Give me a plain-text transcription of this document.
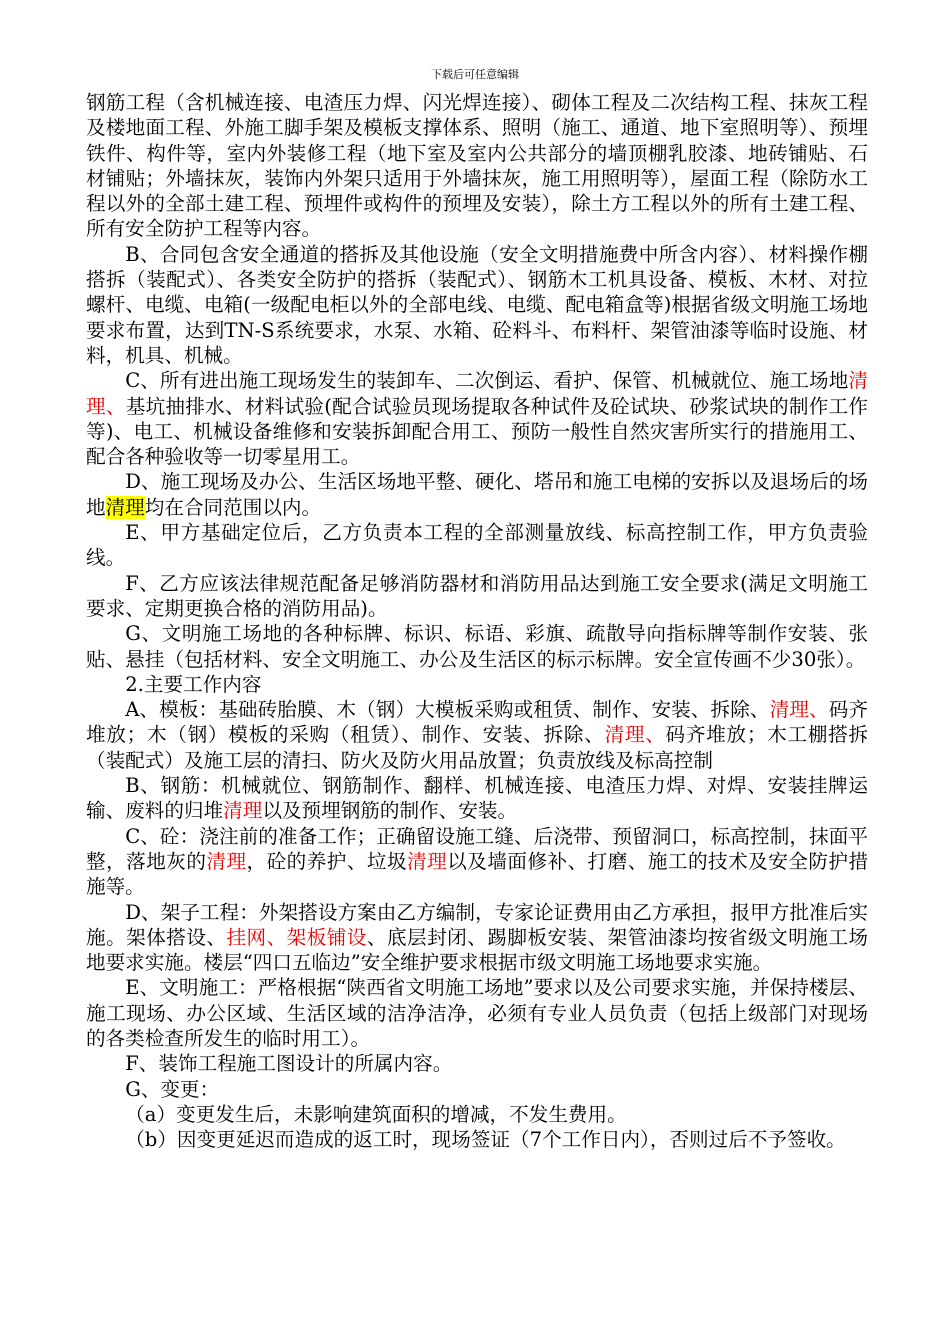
下载后可任意编辑

钢筋工程（含机械连接、电渣压力焊、闪光焊连接）、砌体工程及二次结构工程、抹灰工程及楼地面工程、外施工脚手架及模板支撑体系、照明（施工、通道、地下室照明等）、预埋铁件、构件等，室内外装修工程（地下室及室内公共部分的墙顶棚乳胶漆、地砖铺贴、石材铺贴；外墙抹灰，装饰内外架只适用于外墙抹灰，施工用照明等），屋面工程（除防水工程以外的全部土建工程、预埋件或构件的预埋及安装），除土方工程以外的所有土建工程、所有安全防护工程等内容。

B、合同包含安全通道的搭拆及其他设施（安全文明措施费中所含内容）、材料操作棚搭拆（装配式）、各类安全防护的搭拆（装配式）、钢筋木工机具设备、模板、木材、对拉螺杆、电缆、电箱(一级配电柜以外的全部电线、电缆、配电箱盒等)根据省级文明施工场地要求布置，达到TN-S系统要求，水泵、水箱、砼料斗、布料杆、架管油漆等临时设施、材料，机具、机械。

C、所有进出施工现场发生的装卸车、二次倒运、看护、保管、机械就位、施工场地清理、基坑抽排水、材料试验(配合试验员现场提取各种试件及砼试块、砂浆试块的制作工作等)、电工、机械设备维修和安装拆卸配合用工、预防一般性自然灾害所实行的措施用工、配合各种验收等一切零星用工。

D、施工现场及办公、生活区场地平整、硬化、塔吊和施工电梯的安拆以及退场后的场地清理均在合同范围以内。

E、甲方基础定位后，乙方负责本工程的全部测量放线、标高控制工作，甲方负责验线。

F、乙方应该法律规范配备足够消防器材和消防用品达到施工安全要求(满足文明施工要求、定期更换合格的消防用品)。

G、文明施工场地的各种标牌、标识、标语、彩旗、疏散导向指标牌等制作安装、张贴、悬挂（包括材料、安全文明施工、办公及生活区的标示标牌。安全宣传画不少30张）。

2.主要工作内容

A、模板：基础砖胎膜、木（钢）大模板采购或租赁、制作、安装、拆除、清理、码齐堆放；木（钢）模板的采购（租赁）、制作、安装、拆除、清理、码齐堆放；木工棚搭拆（装配式）及施工层的清扫、防火及防火用品放置；负责放线及标高控制

B、钢筋：机械就位、钢筋制作、翻样、机械连接、电渣压力焊、对焊、安装挂牌运输、废料的归堆清理以及预埋钢筋的制作、安装。

C、砼：浇注前的准备工作；正确留设施工缝、后浇带、预留洞口，标高控制，抹面平整，落地灰的清理，砼的养护、垃圾清理以及墙面修补、打磨、施工的技术及安全防护措施等。

D、架子工程：外架搭设方案由乙方编制，专家论证费用由乙方承担，报甲方批准后实施。架体搭设、挂网、架板铺设、底层封闭、踢脚板安装、架管油漆均按省级文明施工场地要求实施。楼层“四口五临边”安全维护要求根据市级文明施工场地要求实施。

E、文明施工：严格根据“陕西省文明施工场地”要求以及公司要求实施，并保持楼层、施工现场、办公区域、生活区域的洁净洁净，必须有专业人员负责（包括上级部门对现场的各类检查所发生的临时用工）。

F、装饰工程施工图设计的所属内容。

G、变更：

（a）变更发生后，未影响建筑面积的增减，不发生费用。

（b）因变更延迟而造成的返工时，现场签证（7个工作日内），否则过后不予签收。
